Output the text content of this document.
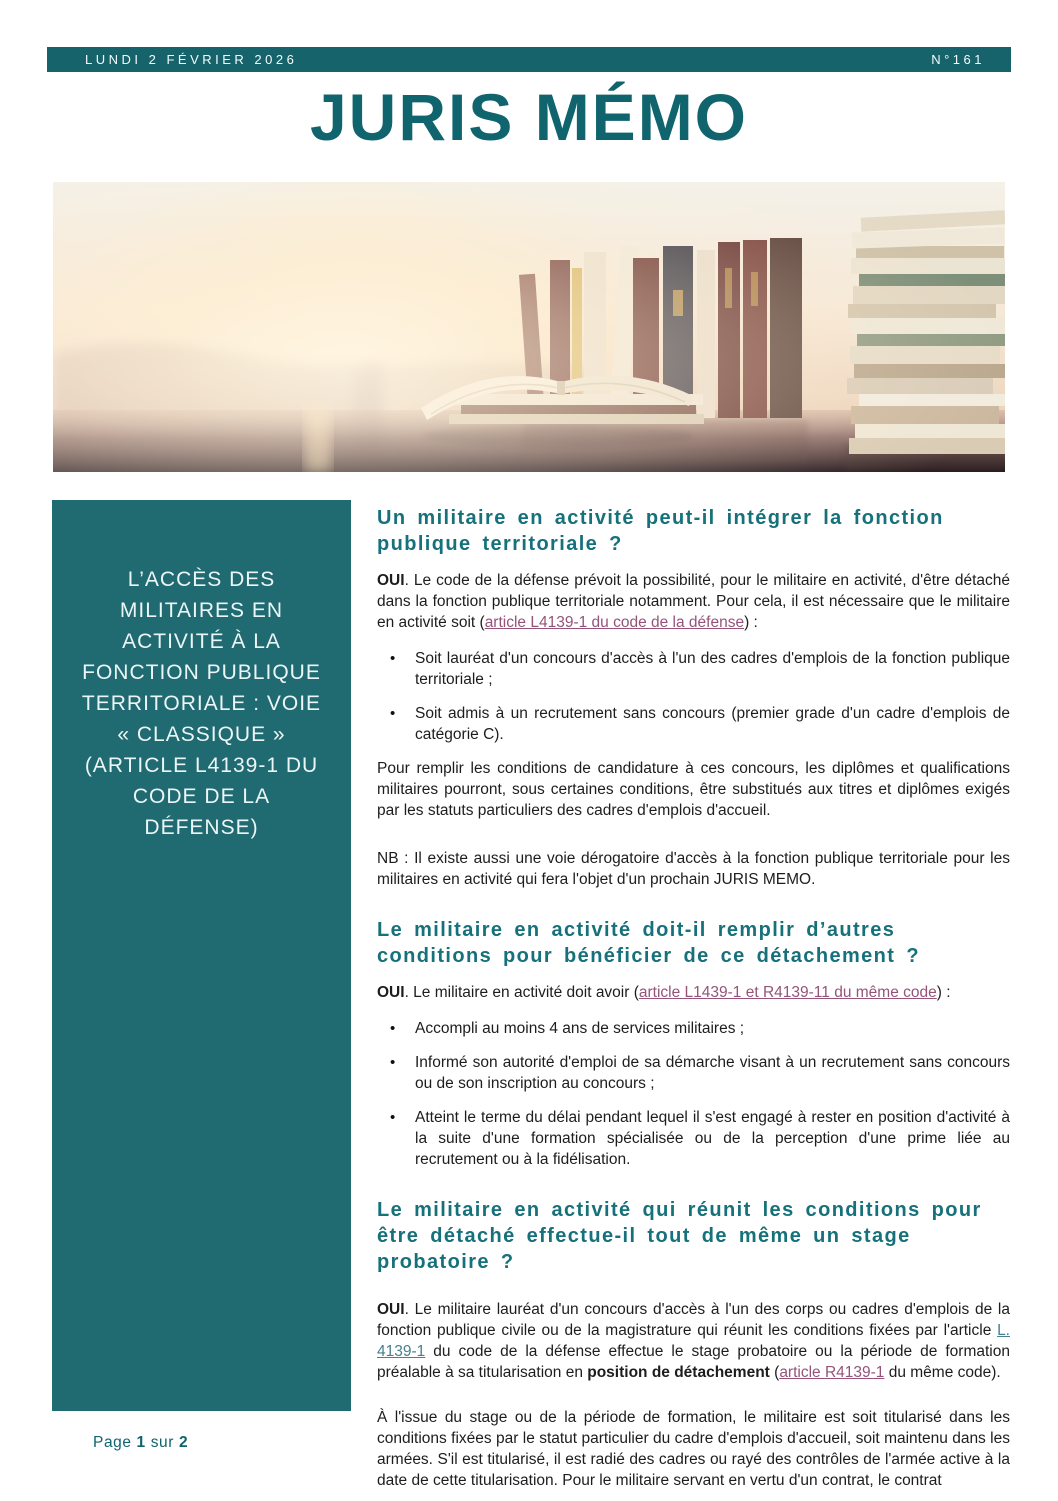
LUNDI 2 FÉVRIER 2026	N°161
JURIS MÉMO

L’ACCÈS DES MILITAIRES EN ACTIVITÉ À LA FONCTION PUBLIQUE TERRITORIALE : VOIE « CLASSIQUE » (ARTICLE L4139-1 DU CODE DE LA DÉFENSE)

Un militaire en activité peut-il intégrer la fonction publique territoriale ?

OUI. Le code de la défense prévoit la possibilité, pour le militaire en activité, d'être détaché dans la fonction publique territoriale notamment. Pour cela, il est nécessaire que le militaire en activité soit (article L4139-1 du code de la défense) :

• Soit lauréat d'un concours d'accès à l'un des cadres d'emplois de la fonction publique territoriale ;
• Soit admis à un recrutement sans concours (premier grade d'un cadre d'emplois de catégorie C).

Pour remplir les conditions de candidature à ces concours, les diplômes et qualifications militaires pourront, sous certaines conditions, être substitués aux titres et diplômes exigés par les statuts particuliers des cadres d'emplois d'accueil.

NB : Il existe aussi une voie dérogatoire d'accès à la fonction publique territoriale pour les militaires en activité qui fera l'objet d'un prochain JURIS MEMO.

Le militaire en activité doit-il remplir d’autres conditions pour bénéficier de ce détachement ?

OUI. Le militaire en activité doit avoir (article L1439-1 et R4139-11 du même code) :

• Accompli au moins 4 ans de services militaires ;
• Informé son autorité d'emploi de sa démarche visant à un recrutement sans concours ou de son inscription au concours ;
• Atteint le terme du délai pendant lequel il s'est engagé à rester en position d'activité à la suite d'une formation spécialisée ou de la perception d'une prime liée au recrutement ou à la fidélisation.
Le militaire en activité qui réunit les conditions pour être détaché effectue-il tout de même un stage probatoire ?

OUI. Le militaire lauréat d'un concours d'accès à l'un des corps ou cadres d'emplois de la fonction publique civile ou de la magistrature qui réunit les conditions fixées par l'article L. 4139-1 du code de la défense effectue le stage probatoire ou la période de formation préalable à sa titularisation en position de détachement (article R4139-1 du même code).

À l'issue du stage ou de la période de formation, le militaire est soit titularisé dans les conditions fixées par le statut particulier du cadre d'emplois d'accueil, soit maintenu dans les armées. S'il est titularisé, il est radié des cadres ou rayé des contrôles de l'armée active à la date de cette titularisation. Pour le militaire servant en vertu d'un contrat, le contrat

Page 1 sur 2
